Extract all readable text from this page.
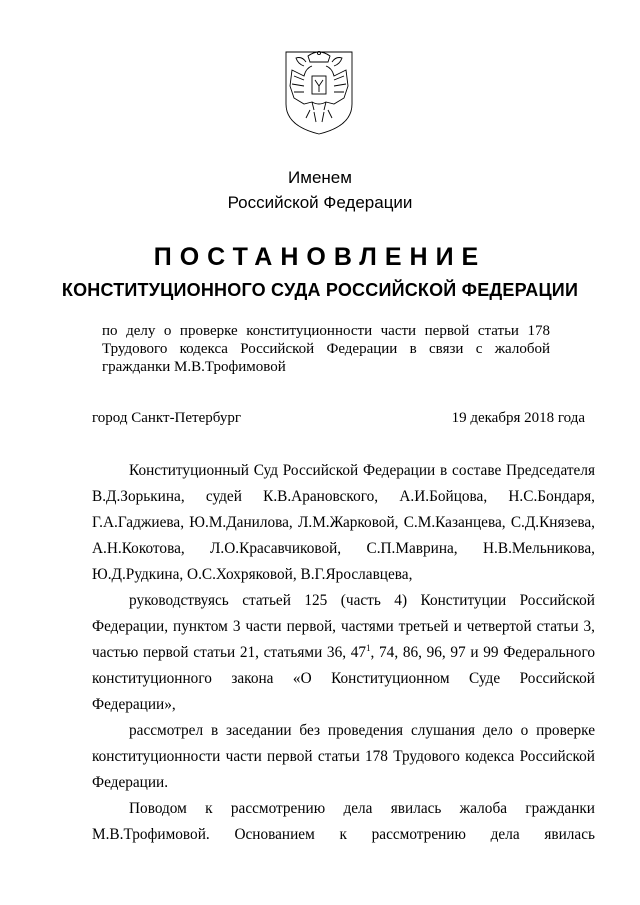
Именем
Российской Федерации
ПОСТАНОВЛЕНИЕ
КОНСТИТУЦИОННОГО СУДА РОССИЙСКОЙ ФЕДЕРАЦИИ
по делу о проверке конституционности части первой статьи 178
Трудового кодекса Российской Федерации в связи с жалобой
гражданки М.В.Трофимовой
город Санкт-Петербург	19 декабря 2018 года
Конституционный Суд Российской Федерации в составе Председателя
В.Д.Зорькина, судей К.В.Арановского, А.И.Бойцова, Н.С.Бондаря,
Г.А.Гаджиева, Ю.М.Данилова, Л.М.Жарковой, С.М.Казанцева, С.Д.Князева,
А.Н.Кокотова, Л.О.Красавчиковой, С.П.Маврина, Н.В.Мельникова,
Ю.Д.Рудкина, О.С.Хохряковой, В.Г.Ярославцева,
руководствуясь статьей 125 (часть 4) Конституции Российской
Федерации, пунктом 3 части первой, частями третьей и четвертой статьи 3,
частью первой статьи 21, статьями 36, $47^1$, 74, 86, 96, 97 и 99 Федерального
конституционного закона «О Конституционном Суде Российской
Федерации»,
рассмотрел в заседании без проведения слушания дело о проверке
конституционности части первой статьи 178 Трудового кодекса Российской
Федерации.
Поводом к рассмотрению дела явилась жалоба гражданки
М.В.Трофимовой. Основанием к рассмотрению дела явилась
